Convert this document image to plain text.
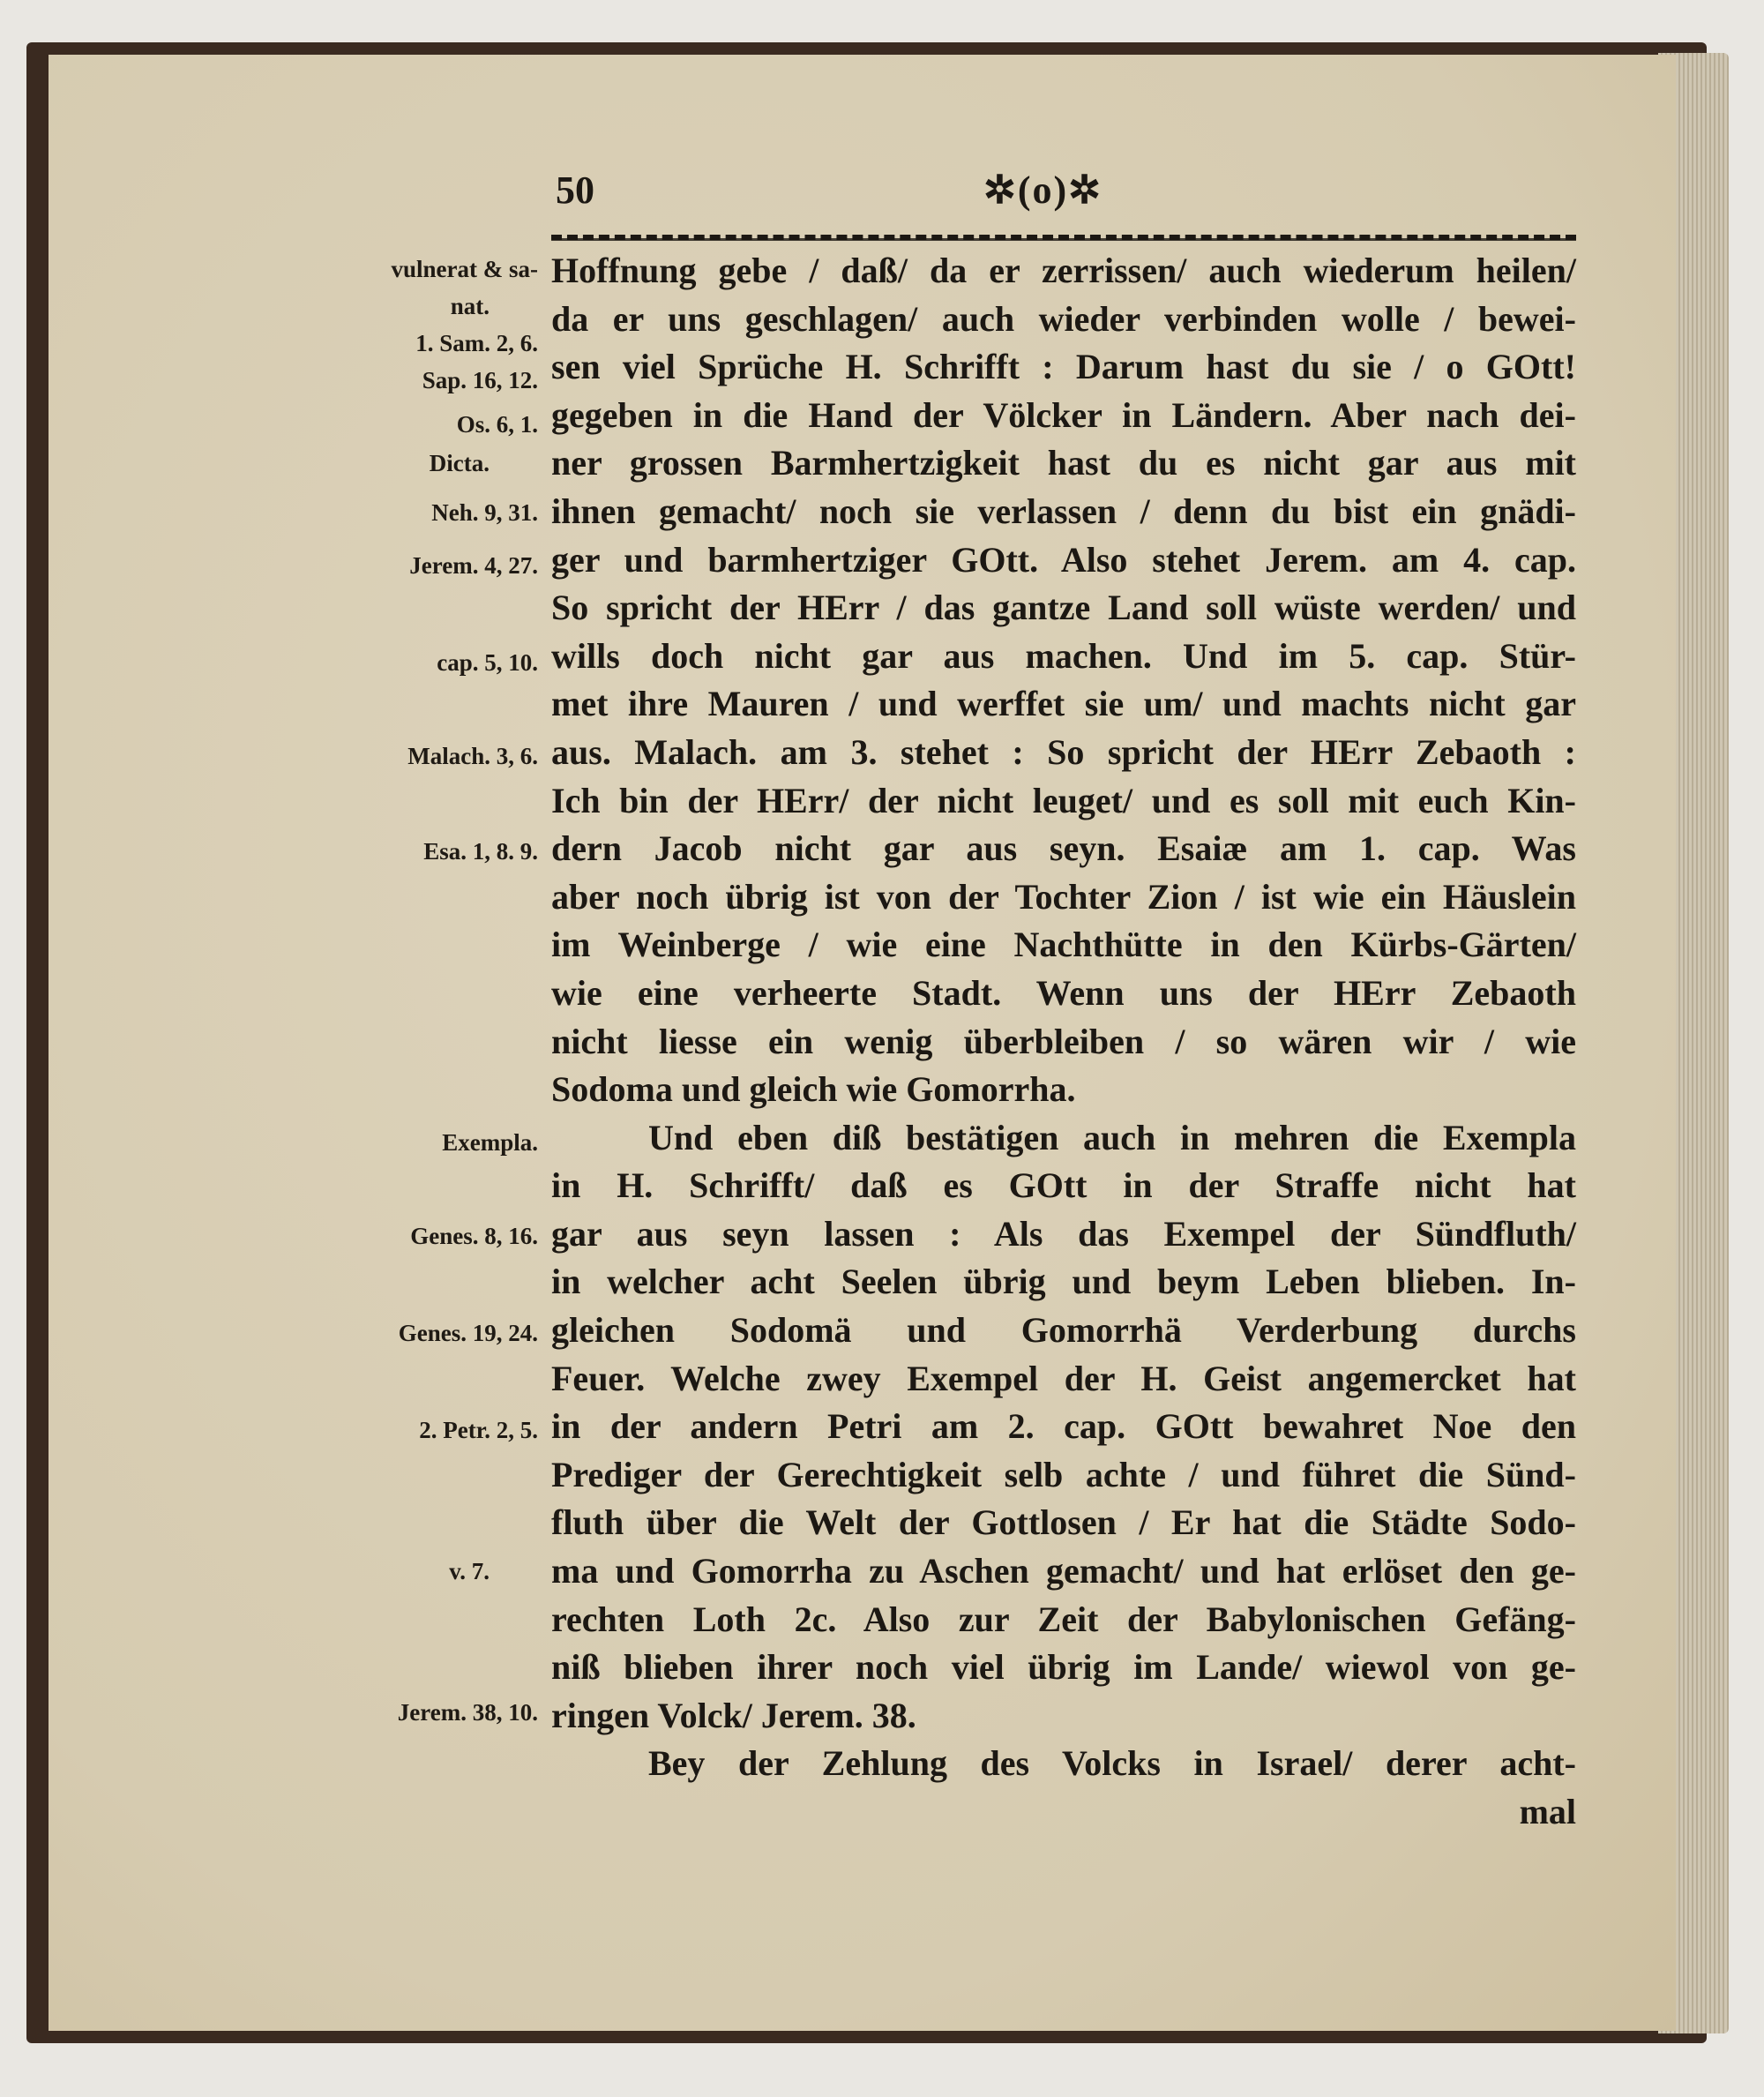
50	✲(o)✲
vulnerat & sa-
nat.
1. Sam. 2, 6.
Sap. 16, 12.
Os. 6, 1.
Dicta.
Neh. 9, 31.
Jerem. 4, 27.
cap. 5, 10.
Malach. 3, 6.
Esa. 1, 8. 9.
Exempla.
Genes. 8, 16.
Genes. 19, 24.
2. Petr. 2, 5.
v. 7.
Jerem. 38, 10.
Hoffnung gebe / daß/ da er zerrissen/ auch wiederum heilen/
da er uns geschlagen/ auch wieder verbinden wolle / bewei-
sen viel Sprüche H. Schrifft : Darum hast du sie / o GOtt!
gegeben in die Hand der Völcker in Ländern. Aber nach dei-
ner grossen Barmhertzigkeit hast du es nicht gar aus mit
ihnen gemacht/ noch sie verlassen / denn du bist ein gnädi-
ger und barmhertziger GOtt. Also stehet Jerem. am 4. cap.
So spricht der HErr / das gantze Land soll wüste werden/ und
wills doch nicht gar aus machen. Und im 5. cap. Stür-
met ihre Mauren / und werffet sie um/ und machts nicht gar
aus. Malach. am 3. stehet : So spricht der HErr Zebaoth :
Ich bin der HErr/ der nicht leuget/ und es soll mit euch Kin-
dern Jacob nicht gar aus seyn. Esaiæ am 1. cap. Was
aber noch übrig ist von der Tochter Zion / ist wie ein Häuslein
im Weinberge / wie eine Nachthütte in den Kürbs-Gärten/
wie eine verheerte Stadt. Wenn uns der HErr Zebaoth
nicht liesse ein wenig überbleiben / so wären wir / wie
Sodoma und gleich wie Gomorrha.
Und eben diß bestätigen auch in mehren die Exempla
in H. Schrifft/ daß es GOtt in der Straffe nicht hat
gar aus seyn lassen : Als das Exempel der Sündfluth/
in welcher acht Seelen übrig und beym Leben blieben. In-
gleichen Sodomä und Gomorrhä Verderbung durchs
Feuer. Welche zwey Exempel der H. Geist angemercket hat
in der andern Petri am 2. cap. GOtt bewahret Noe den
Prediger der Gerechtigkeit selb achte / und führet die Sünd-
fluth über die Welt der Gottlosen / Er hat die Städte Sodo-
ma und Gomorrha zu Aschen gemacht/ und hat erlöset den ge-
rechten Loth 2c. Also zur Zeit der Babylonischen Gefäng-
niß blieben ihrer noch viel übrig im Lande/ wiewol von ge-
ringen Volck/ Jerem. 38.
Bey der Zehlung des Volcks in Israel/ derer acht-
mal
